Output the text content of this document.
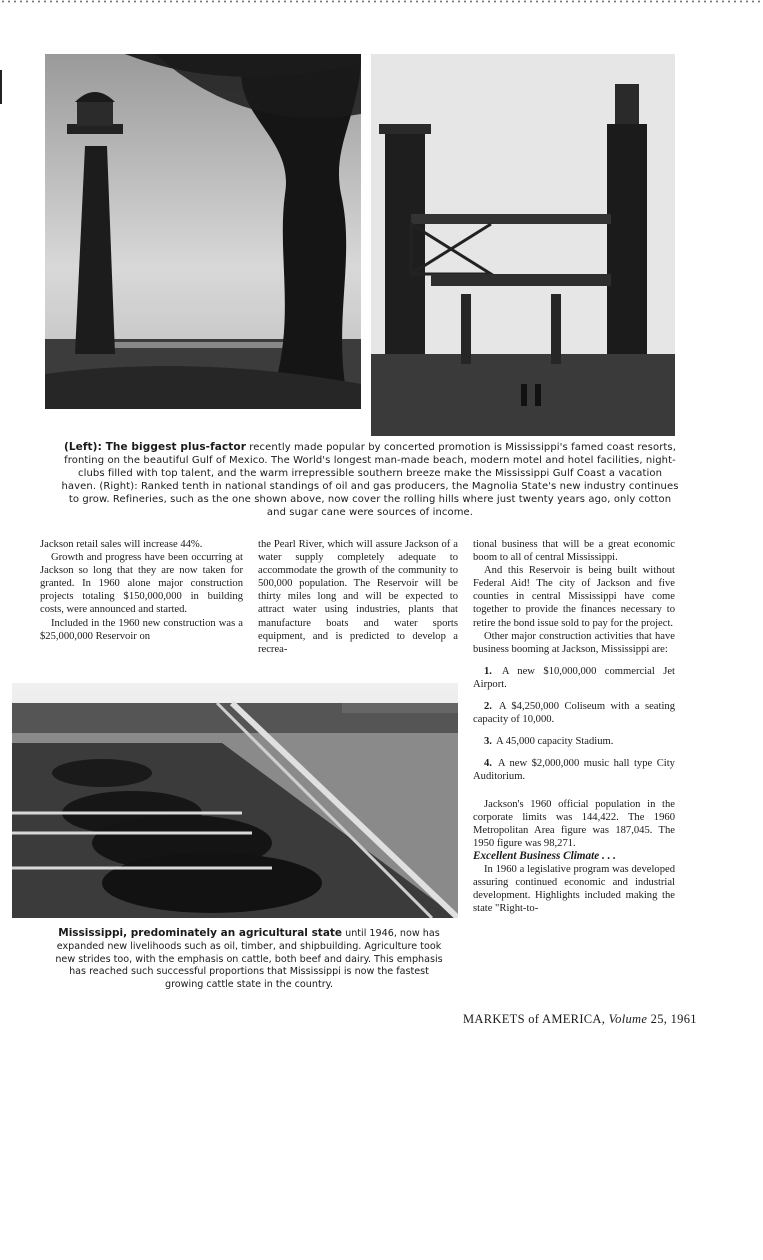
(Left): The biggest plus-factor recently made popular by concerted promotion is Mississippi's famed coast resorts, fronting on the beautiful Gulf of Mexico. The World's longest man-made beach, modern motel and hotel facilities, night-clubs filled with top talent, and the warm irrepressible southern breeze make the Mississippi Gulf Coast a vacation haven. (Right): Ranked tenth in national standings of oil and gas producers, the Magnolia State's new industry continues to grow. Refineries, such as the one shown above, now cover the rolling hills where just twenty years ago, only cotton and sugar cane were sources of income.

Jackson retail sales will increase 44%.

Growth and progress have been occurring at Jackson so long that they are now taken for granted. In 1960 alone major construction projects totaling $150,000,000 in building costs, were announced and started.

Included in the 1960 new construction was a $25,000,000 Reservoir on

the Pearl River, which will assure Jackson of a water supply completely adequate to accommodate the growth of the community to 500,000 population. The Reservoir will be thirty miles long and will be expected to attract water using industries, plants that manufacture boats and water sports equipment, and is predicted to develop a recrea-

tional business that will be a great economic boom to all of central Mississippi.

And this Reservoir is being built without Federal Aid! The city of Jackson and five counties in central Mississippi have come together to provide the finances necessary to retire the bond issue sold to pay for the project.

Other major construction activities that have business booming at Jackson, Mississippi are:

1. A new $10,000,000 commercial Jet Airport.

2. A $4,250,000 Coliseum with a seating capacity of 10,000.

3. A 45,000 capacity Stadium.

4. A new $2,000,000 music hall type City Auditorium.

Jackson's 1960 official population in the corporate limits was 144,422. The 1960 Metropolitan Area figure was 187,045. The 1950 figure was 98,271.

Excellent Business Climate . . .

In 1960 a legislative program was developed assuring continued economic and industrial development. Highlights included making the state "Right-to-

Mississippi, predominately an agricultural state until 1946, now has expanded new livelihoods such as oil, timber, and shipbuilding. Agriculture took new strides too, with the emphasis on cattle, both beef and dairy. This emphasis has reached such successful proportions that Mississippi is now the fastest growing cattle state in the country.
MARKETS of AMERICA, Volume 25, 1961
